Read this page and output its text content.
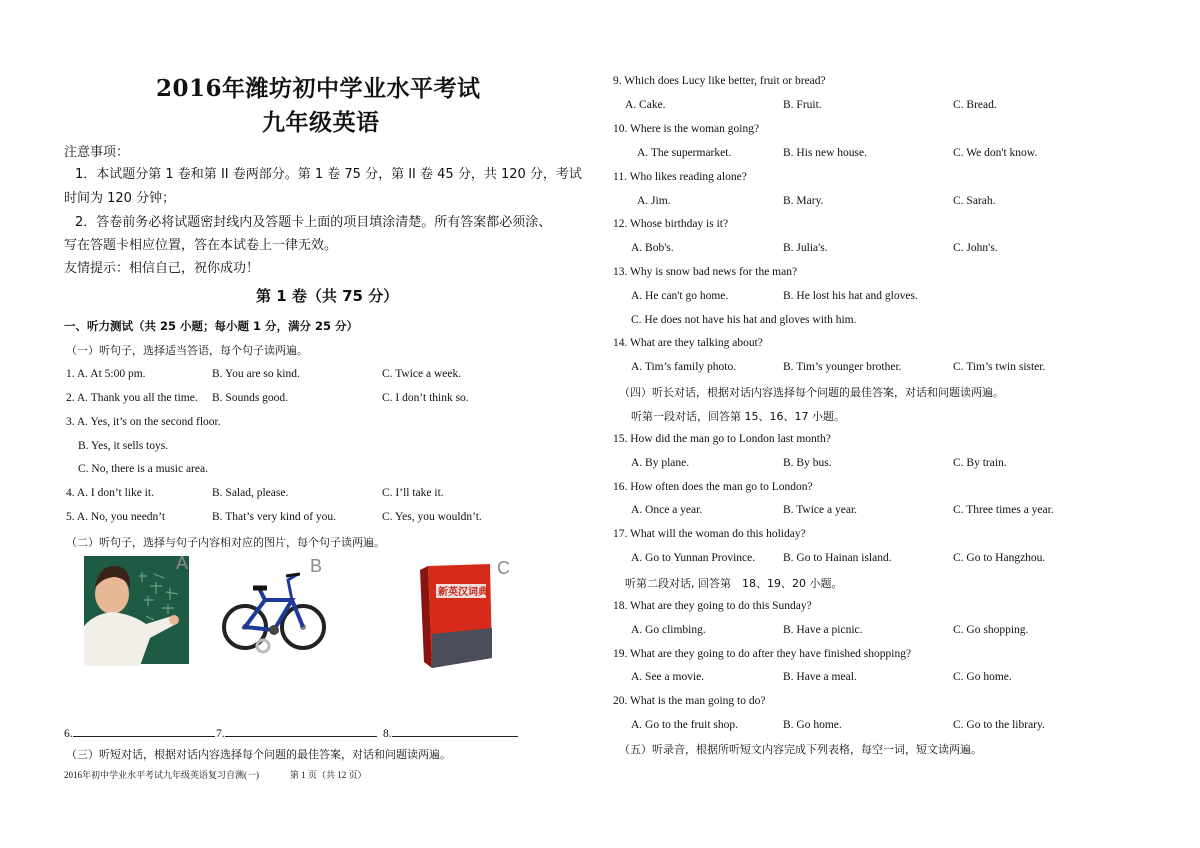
2016年潍坊初中学业水平考试
九年级英语
注意事项：
1．本试题分第 1 卷和第 II 卷两部分。第 1 卷 75 分，第 II 卷 45 分，共 120 分，考试
时间为 120 分钟；
2．答卷前务必将试题密封线内及答题卡上面的项目填涂清楚。所有答案都必须涂、
写在答题卡相应位置，答在本试卷上一律无效。
友情提示：相信自己，祝你成功！
第 1 卷（共 75 分）
一、听力测试（共 25 小题；每小题 1 分，满分 25 分）
（一）听句子，选择适当答语，每个句子读两遍。
1. A. At 5:00 pm.	B. You are so kind.	C. Twice a week.
2. A. Thank you all the time. B. Sounds good.	C. I don’t think so.
3. A. Yes, it’s on the second floor.
B. Yes, it sells toys.
C. No, there is a music area.
4. A. I don’t like it.	B. Salad, please.	C. I’ll take it.
5. A. No, you needn’t	B. That’s very kind of you.	C. Yes, you wouldn’t.
（二）听句子，选择与句子内容相对应的图片，每个句子读两遍。
A	B
新英汉词典
C
6.	7.	8.
（三）听短对话，根据对话内容选择每个问题的最佳答案，对话和问题读两遍。
2016年初中学业水平考试九年级英语复习自测(一)	第 1 页（共 12 页）
9. Which does Lucy like better, fruit or bread?
A. Cake.	B. Fruit.	C. Bread.
10. Where is the woman going?
A. The supermarket.	B. His new house.	C. We don't know.
11. Who likes reading alone?
A. Jim.	B. Mary.	C. Sarah.
12. Whose birthday is it?
A. Bob's.	B. Julia's.	C. John's.
13. Why is snow bad news for the man?
A. He can't go home.	B. He lost his hat and gloves.
C. He does not have his hat and gloves with him.
14. What are they talking about?
A. Tim’s family photo.	B. Tim’s younger brother.	C. Tim’s twin sister.
（四）听长对话，根据对话内容选择每个问题的最佳答案，对话和问题读两遍。
听第一段对话，回答第 15、16、17 小题。
15. How did the man go to London last month?
A. By plane.	B. By bus.	C. By train.
16. How often does the man go to London?
A. Once a year.	B. Twice a year.	C. Three times a year.
17. What will the woman do this holiday?
A. Go to Yunnan Province. B. Go to Hainan island.	C. Go to Hangzhou.
听第二段对话, 回答第　18、19、20 小题。
18. What are they going to do this Sunday?
A. Go climbing.	B. Have a picnic.	C. Go shopping.
19. What are they going to do after they have finished shopping?
A. See a movie.	B. Have a meal.	C. Go home.
20. What is the man going to do?
A. Go to the fruit shop.	B. Go home.	C. Go to the library.
（五）听录音，根据所听短文内容完成下列表格，每空一词，短文读两遍。
